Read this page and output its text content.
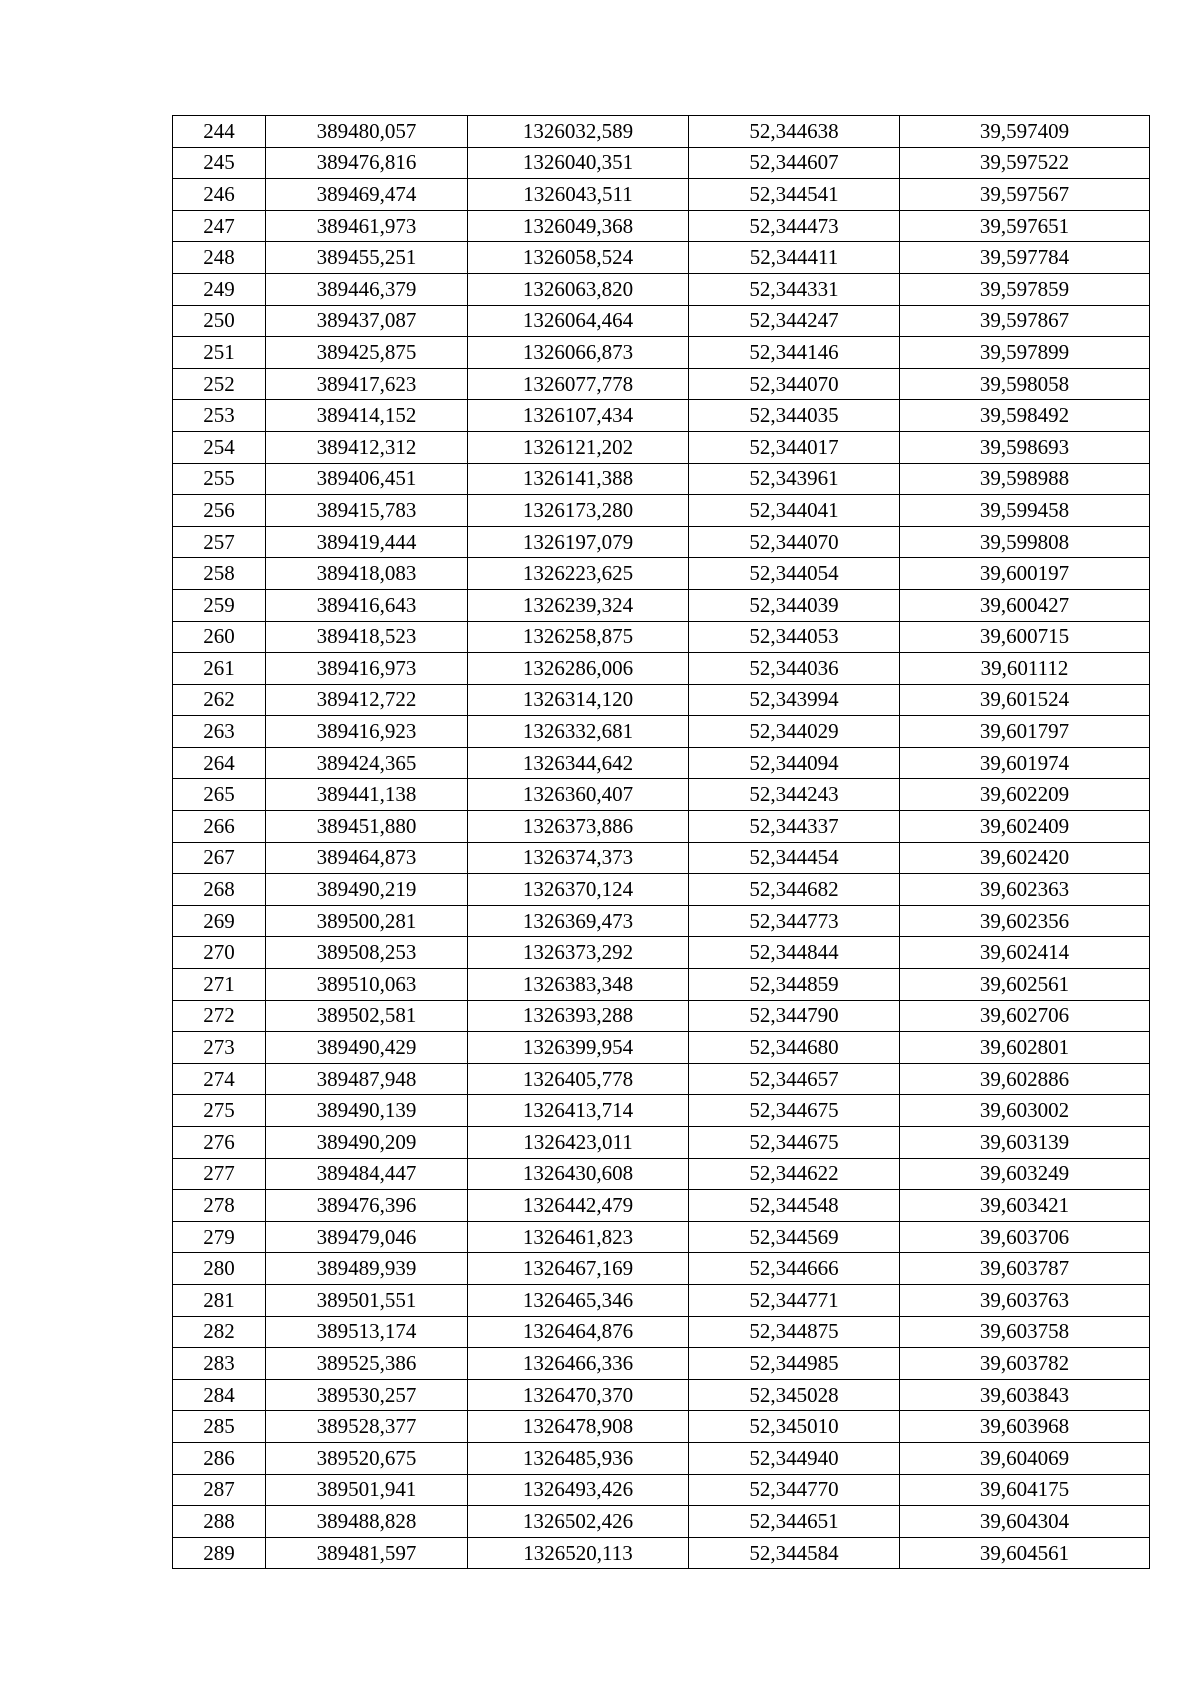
244	389480,057	1326032,589	52,344638	39,597409
245	389476,816	1326040,351	52,344607	39,597522
246	389469,474	1326043,511	52,344541	39,597567
247	389461,973	1326049,368	52,344473	39,597651
248	389455,251	1326058,524	52,344411	39,597784
249	389446,379	1326063,820	52,344331	39,597859
250	389437,087	1326064,464	52,344247	39,597867
251	389425,875	1326066,873	52,344146	39,597899
252	389417,623	1326077,778	52,344070	39,598058
253	389414,152	1326107,434	52,344035	39,598492
254	389412,312	1326121,202	52,344017	39,598693
255	389406,451	1326141,388	52,343961	39,598988
256	389415,783	1326173,280	52,344041	39,599458
257	389419,444	1326197,079	52,344070	39,599808
258	389418,083	1326223,625	52,344054	39,600197
259	389416,643	1326239,324	52,344039	39,600427
260	389418,523	1326258,875	52,344053	39,600715
261	389416,973	1326286,006	52,344036	39,601112
262	389412,722	1326314,120	52,343994	39,601524
263	389416,923	1326332,681	52,344029	39,601797
264	389424,365	1326344,642	52,344094	39,601974
265	389441,138	1326360,407	52,344243	39,602209
266	389451,880	1326373,886	52,344337	39,602409
267	389464,873	1326374,373	52,344454	39,602420
268	389490,219	1326370,124	52,344682	39,602363
269	389500,281	1326369,473	52,344773	39,602356
270	389508,253	1326373,292	52,344844	39,602414
271	389510,063	1326383,348	52,344859	39,602561
272	389502,581	1326393,288	52,344790	39,602706
273	389490,429	1326399,954	52,344680	39,602801
274	389487,948	1326405,778	52,344657	39,602886
275	389490,139	1326413,714	52,344675	39,603002
276	389490,209	1326423,011	52,344675	39,603139
277	389484,447	1326430,608	52,344622	39,603249
278	389476,396	1326442,479	52,344548	39,603421
279	389479,046	1326461,823	52,344569	39,603706
280	389489,939	1326467,169	52,344666	39,603787
281	389501,551	1326465,346	52,344771	39,603763
282	389513,174	1326464,876	52,344875	39,603758
283	389525,386	1326466,336	52,344985	39,603782
284	389530,257	1326470,370	52,345028	39,603843
285	389528,377	1326478,908	52,345010	39,603968
286	389520,675	1326485,936	52,344940	39,604069
287	389501,941	1326493,426	52,344770	39,604175
288	389488,828	1326502,426	52,344651	39,604304
289	389481,597	1326520,113	52,344584	39,604561
